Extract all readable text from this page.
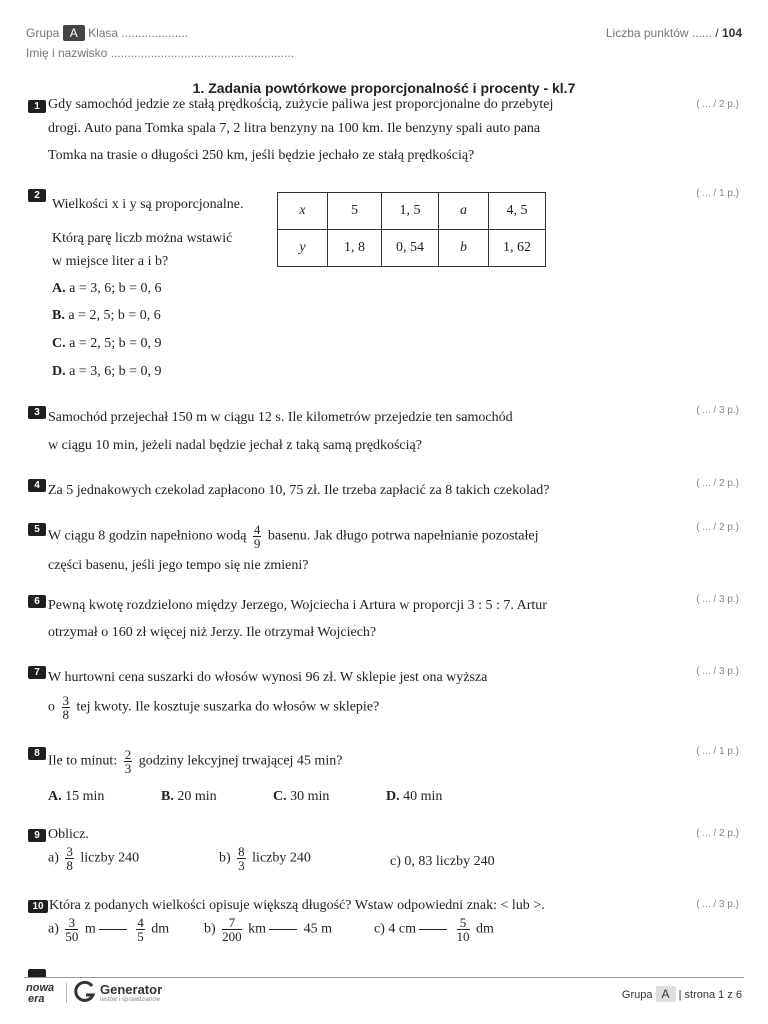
Grupa A Klasa ....................
Imię i nazwisko .......................................................
Liczba punktów ...... / 104
1. Zadania powtórkowe proporcjonalność i procenty - kl.7
1	( ... / 2 p.)
Gdy samochód jedzie ze stałą prędkością, zużycie paliwa jest proporcjonalne do przebytej
drogi. Auto pana Tomka spala 7, 2 litra benzyny na 100 km. Ile benzyny spali auto pana
Tomka na trasie o długości 250 km, jeśli będzie jechało ze stałą prędkością?
2	( ... / 1 p.)
Wielkości x i y są proporcjonalne.
Którą parę liczb można wstawić
w miejsce liter a i b?
x	5	1, 5	a	4, 5
y	1, 8	0, 54	b	1, 62
A. a = 3, 6; b = 0, 6
B. a = 2, 5; b = 0, 6
C. a = 2, 5; b = 0, 9
D. a = 3, 6; b = 0, 9
3	( ... / 3 p.)
Samochód przejechał 150 m w ciągu 12 s. Ile kilometrów przejedzie ten samochód
w ciągu 10 min, jeżeli nadal będzie jechał z taką samą prędkością?
4	( ... / 2 p.)
Za 5 jednakowych czekolad zapłacono 10, 75 zł. Ile trzeba zapłacić za 8 takich czekolad?
5	( ... / 2 p.)
W ciągu 8 godzin napełniono wodą $\frac{4}{9}$ basenu. Jak długo potrwa napełnianie pozostałej
części basenu, jeśli jego tempo się nie zmieni?
6	( ... / 3 p.)
Pewną kwotę rozdzielono między Jerzego, Wojciecha i Artura w proporcji 3 : 5 : 7. Artur
otrzymał o 160 zł więcej niż Jerzy. Ile otrzymał Wojciech?
7	( ... / 3 p.)
W hurtowni cena suszarki do włosów wynosi 96 zł. W sklepie jest ona wyższa
o $\frac{3}{8}$ tej kwoty. Ile kosztuje suszarka do włosów w sklepie?
8	( ... / 1 p.)
Ile to minut: $\frac{2}{3}$ godziny lekcyjnej trwającej 45 min?
A. 15 min	B. 20 min	C. 30 min	D. 40 min
9	( ... / 2 p.)
Oblicz.
$a) \frac{3}{8}$ liczby 240	$b) \frac{8}{3}$ liczby 240	c) 0, 83 liczby 240
10	( ... / 3 p.)
Która z podanych wielkości opisuje większą długość? Wstaw odpowiedni znak: < lub >.
$a) \frac{3}{50}$ m	$\frac{4}{5}$ dm $b) \frac{7}{200}$ km	45 m	c) 4 cm	$\frac{5}{10}$ dm
nowa
era
Generator
testów i sprawdzianów	Grupa A | strona 1 z 6
